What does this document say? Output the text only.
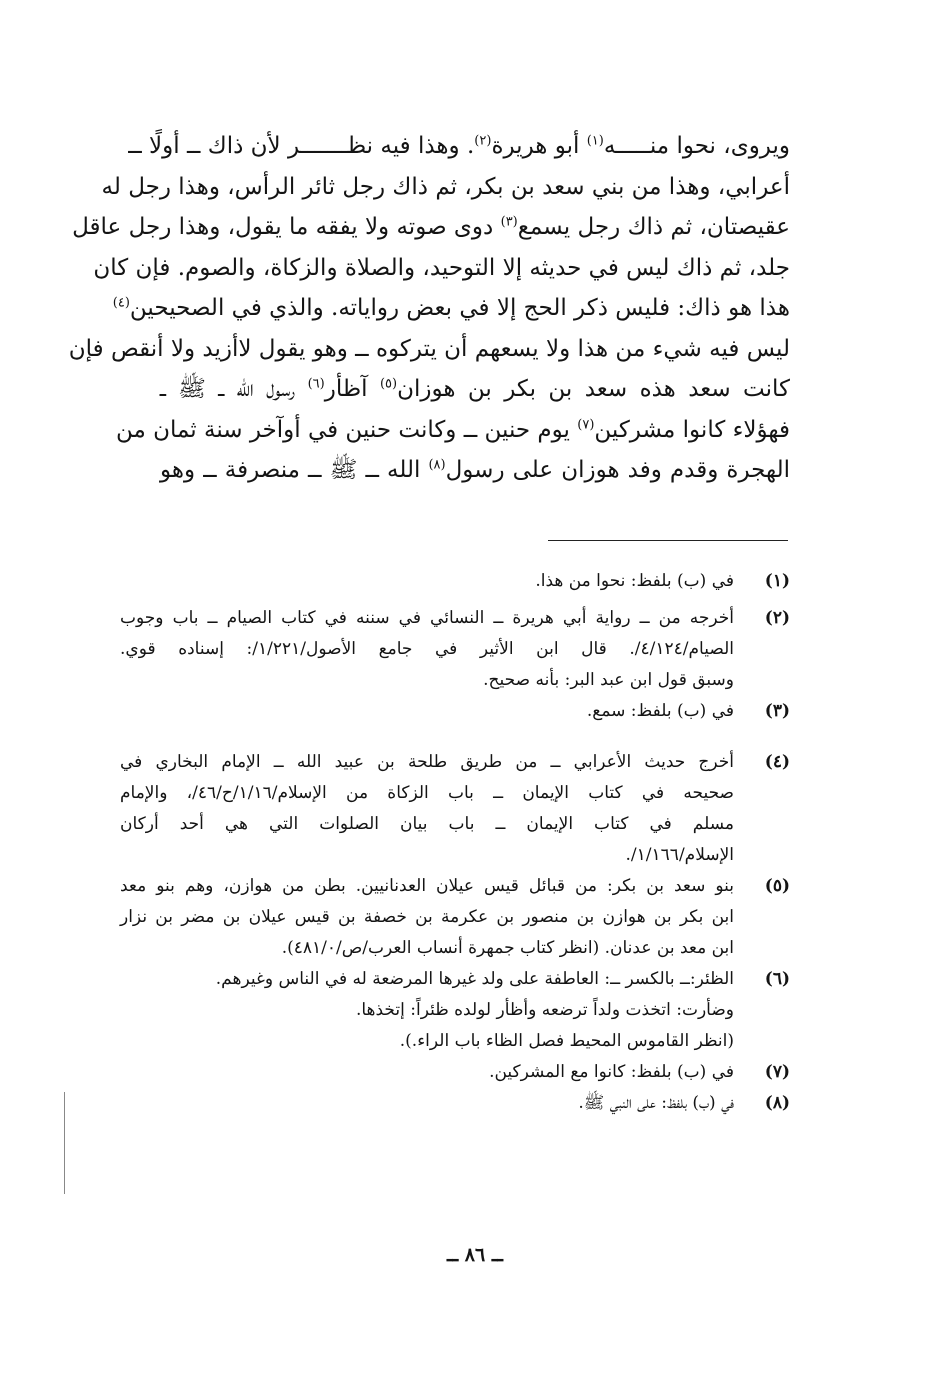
ويروى، نحوا منـــــه$^{(١)}$ أبو هريرة$^{(٢)}$. وهذا فيه نظـــــــر لأن ذاك ــ أولًا ــ
أعرابي، وهذا من بني سعد بن بكر، ثم ذاك رجل ثائر الرأس، وهذا رجل له
عقيصتان، ثم ذاك رجل يسمع$^{(٣)}$ دوى صوته ولا يفقه ما يقول، وهذا رجل عاقل
جلد، ثم ذاك ليس في حديثه إلا التوحيد، والصلاة والزكاة، والصوم. فإن كان
هذا هو ذاك: فليس ذكر الحج إلا في بعض رواياته. والذي في الصحيحين$^{(٤)}$
ليس فيه شيء من هذا ولا يسعهم أن يتركوه ــ وهو يقول لاأزيد ولا أنقص فإن
كانت سعد هذه سعد بن بكر بن هوزان$^{(٥)}$ آظأر$^{(٦)}$ رسول الله ــ ﷺ ــ
فهؤلاء كانوا مشركين$^{(٧)}$ يوم حنين ــ وكانت حنين في أوآخر سنة ثمان من
الهجرة وقدم وفد هوزان على رسول$^{(٨)}$ الله ــ ﷺ ــ منصرفة ــ وهو
(١)
في (ب) بلفظ: نحوا من هذا.
(٢)
أخرجه من ــ رواية أبي هريرة ــ النسائي في سننه في كتاب الصيام ــ باب وجوب
الصيام/٤/١٢٤/. قال ابن الأثير في جامع الأصول/١/٢٢١/: إسناده قوي.
وسبق قول ابن عبد البر: بأنه صحيح.
(٣)
في (ب) بلفظ: سمع.
(٤)
أخرج حديث الأعرابي ــ من طريق طلحة بن عبيد الله ــ الإمام البخاري في
صحيحه في كتاب الإيمان ــ باب الزكاة من الإسلام/١/١٦/ح/٤٦/، والإمام
مسلم في كتاب الإيمان ــ باب بيان الصلوات التي هي أحد أركان
الإسلام/١/١٦٦/.
(٥)
بنو سعد بن بكر: من قبائل قيس عيلان العدنانيين. بطن من هوازن، وهم بنو معد
ابن بكر بن هوازن بن منصور بن عكرمة بن خصفة بن قيس عيلان بن مضر بن نزار
ابن معد بن عدنان. (انظر كتاب جمهرة أنساب العرب/ص/٤٨١/٠).
(٦)
الظئر:ــ بالكسر ــ: العاطفة على ولد غيرها المرضعة له في الناس وغيرهم.
وضأرت: اتخذت ولداً ترضعه وأظأر لولده ظئراً: إتخذها.
(انظر القاموس المحيط فصل الظاء باب الراء.).
(٧)
في (ب) بلفظ: كانوا مع المشركين.
(٨)
في (ب) بلفظ: على النبي ﷺ.
ــ ٨٦ ــ
